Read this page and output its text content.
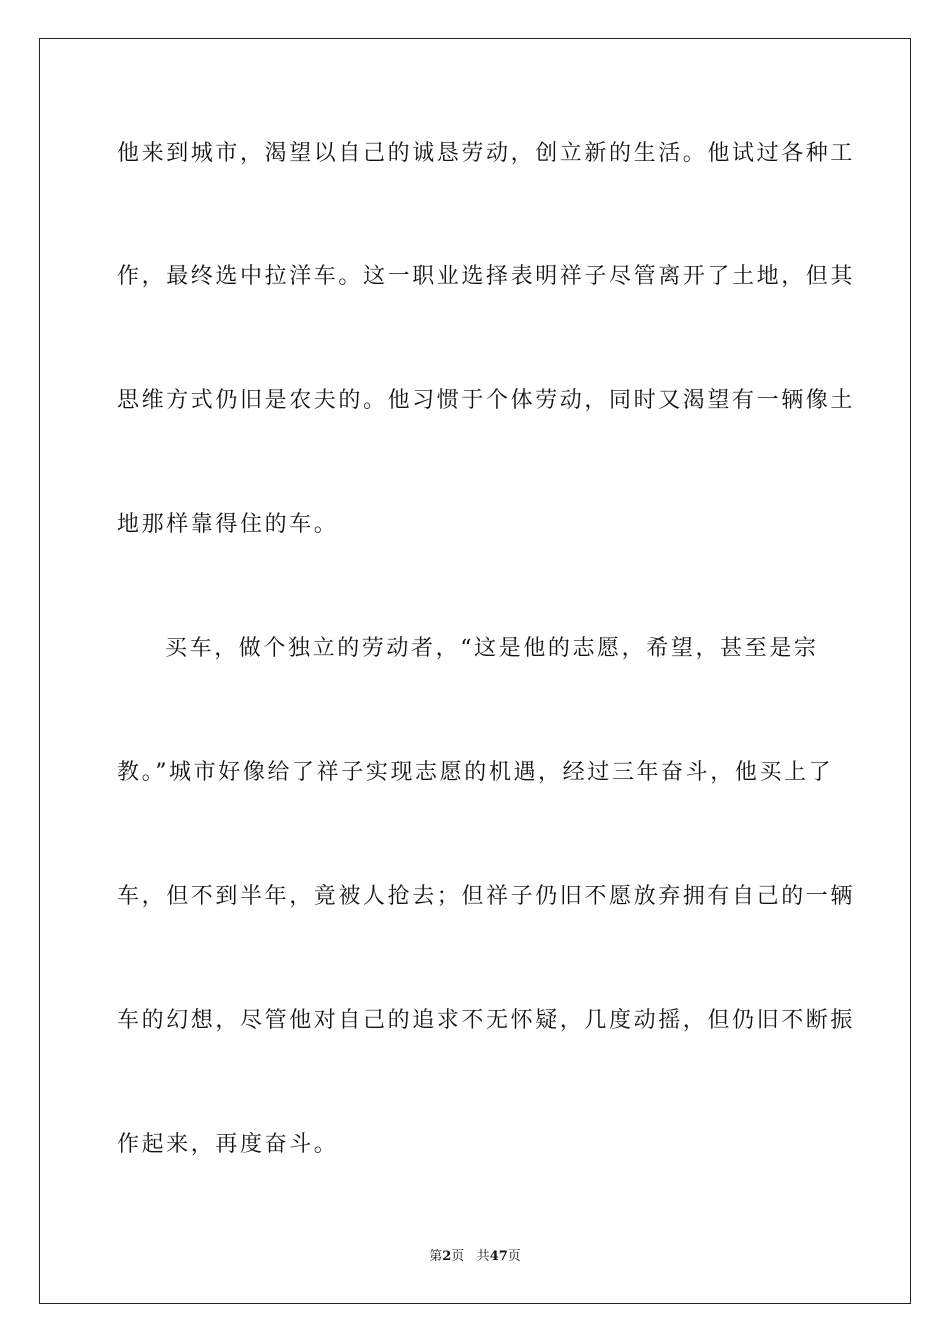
他来到城市，渴望以自己的诚恳劳动，创立新的生活。他试过各种工
作，最终选中拉洋车。这一职业选择表明祥子尽管离开了土地，但其
思维方式仍旧是农夫的。他习惯于个体劳动，同时又渴望有一辆像土
地那样靠得住的车。
买车，做个独立的劳动者，“这是他的志愿，希望，甚至是宗
教。”城市好像给了祥子实现志愿的机遇，经过三年奋斗，他买上了
车，但不到半年，竟被人抢去；但祥子仍旧不愿放弃拥有自己的一辆
车的幻想，尽管他对自己的追求不无怀疑，几度动摇，但仍旧不断振
作起来，再度奋斗。
第2页 共47页
